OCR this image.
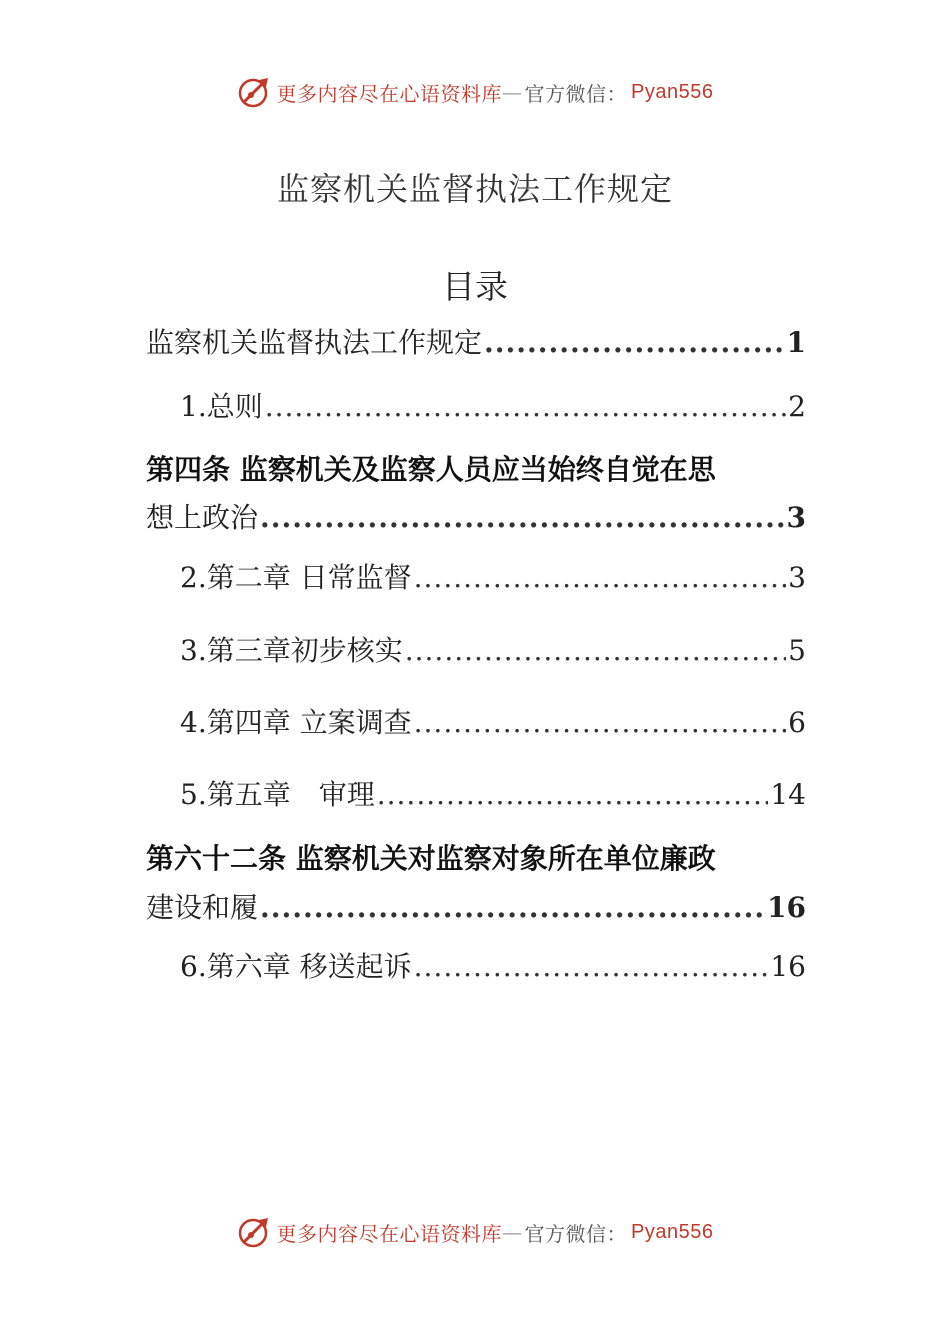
更多内容尽在心语资料库 — 官方微信： Pyan556
监察机关监督执法工作规定
目录
监察机关监督执法工作规定 .....	1
1. 总则 .....	2
第四条 监察机关及监察人员应当始终自觉在思
想上政治 .....	3
2. 第二章 日常监督 .....	3
3. 第三章初步核实 .....	5
4. 第四章 立案调查 .....	6
5. 第五章　审理 .....	14
第六十二条 监察机关对监察对象所在单位廉政
建设和履 .....	16
6. 第六章 移送起诉 .....	16
更多内容尽在心语资料库 — 官方微信： Pyan556
